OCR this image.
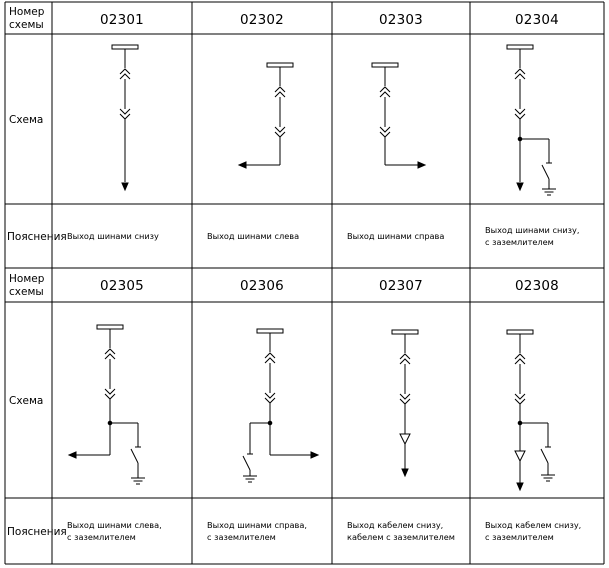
Номер
схемы
Схема
Пояснения
Номер
схемы
Схема
Пояснения
02301
Выход шинами снизу
02302
Выход шинами слева
02303
Выход шинами справа
02304
Выход шинами снизу,
с заземлителем
02305
Выход шинами слева,
с заземлителем
02306
Выход шинами справа,
с заземлителем
02307
Выход кабелем снизу,
кабелем с заземлителем
02308
Выход кабелем снизу,
с заземлителем
